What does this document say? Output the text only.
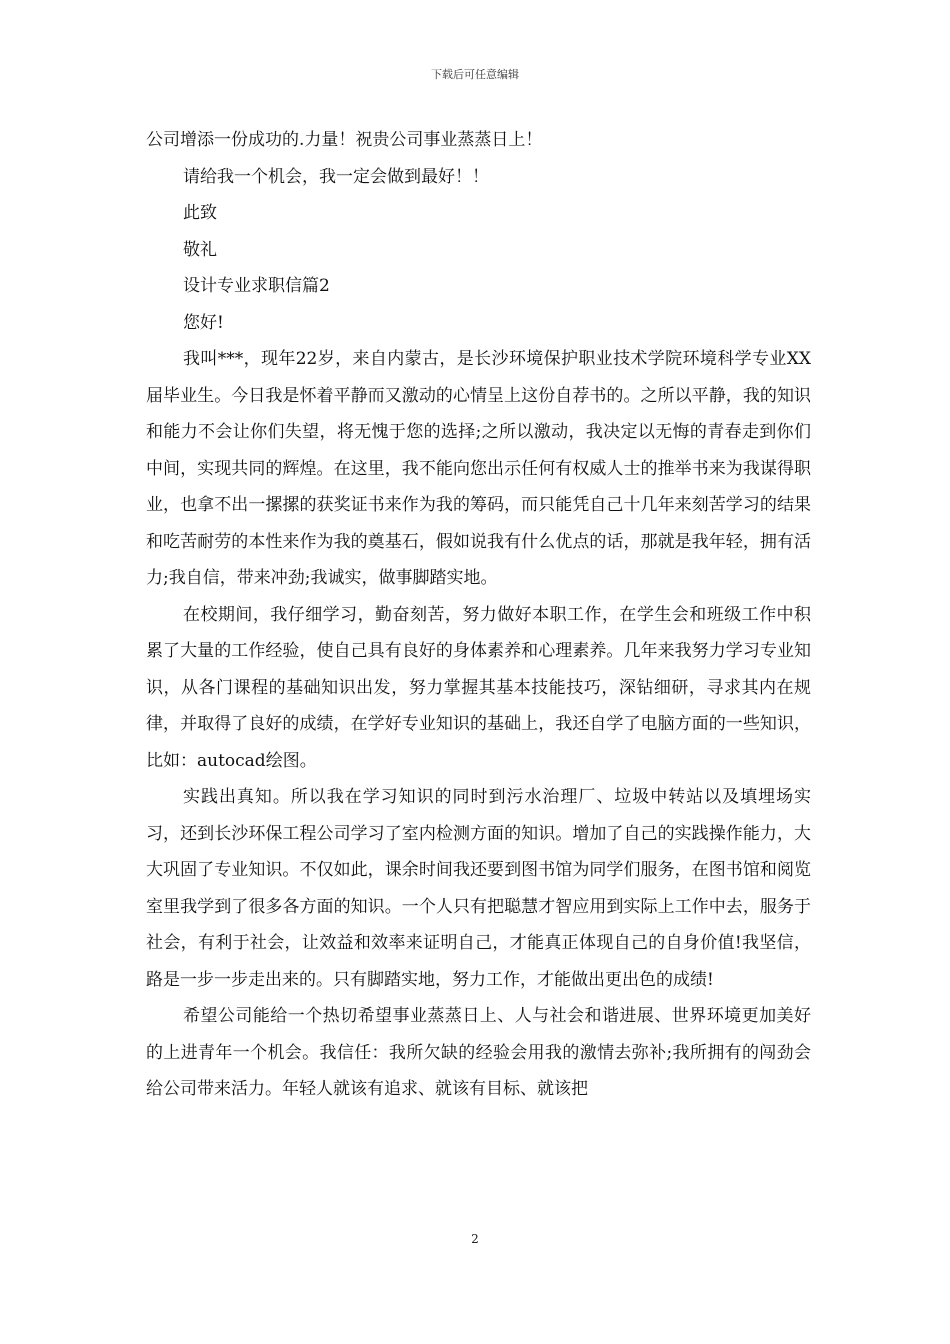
下载后可任意编辑

公司增添一份成功的.力量！祝贵公司事业蒸蒸日上！

请给我一个机会，我一定会做到最好！！

此致

敬礼

设计专业求职信篇2

您好!

我叫***，现年22岁，来自内蒙古，是长沙环境保护职业技术学院环境科学专业XX届毕业生。今日我是怀着平静而又激动的心情呈上这份自荐书的。之所以平静，我的知识和能力不会让你们失望，将无愧于您的选择;之所以激动，我决定以无悔的青春走到你们中间，实现共同的辉煌。在这里，我不能向您出示任何有权威人士的推举书来为我谋得职业，也拿不出一摞摞的获奖证书来作为我的筹码，而只能凭自己十几年来刻苦学习的结果和吃苦耐劳的本性来作为我的奠基石，假如说我有什么优点的话，那就是我年轻，拥有活力;我自信，带来冲劲;我诚实，做事脚踏实地。

在校期间，我仔细学习，勤奋刻苦，努力做好本职工作，在学生会和班级工作中积累了大量的工作经验，使自己具有良好的身体素养和心理素养。几年来我努力学习专业知识，从各门课程的基础知识出发，努力掌握其基本技能技巧，深钻细研，寻求其内在规律，并取得了良好的成绩，在学好专业知识的基础上，我还自学了电脑方面的一些知识，比如：autocad绘图。

实践出真知。所以我在学习知识的同时到污水治理厂、垃圾中转站以及填埋场实习，还到长沙环保工程公司学习了室内检测方面的知识。增加了自己的实践操作能力，大大巩固了专业知识。不仅如此，课余时间我还要到图书馆为同学们服务，在图书馆和阅览室里我学到了很多各方面的知识。一个人只有把聪慧才智应用到实际上工作中去，服务于社会，有利于社会，让效益和效率来证明自己，才能真正体现自己的自身价值!我坚信，路是一步一步走出来的。只有脚踏实地，努力工作，才能做出更出色的成绩!

希望公司能给一个热切希望事业蒸蒸日上、人与社会和谐进展、世界环境更加美好的上进青年一个机会。我信任：我所欠缺的经验会用我的激情去弥补;我所拥有的闯劲会给公司带来活力。年轻人就该有追求、就该有目标、就该把

2
